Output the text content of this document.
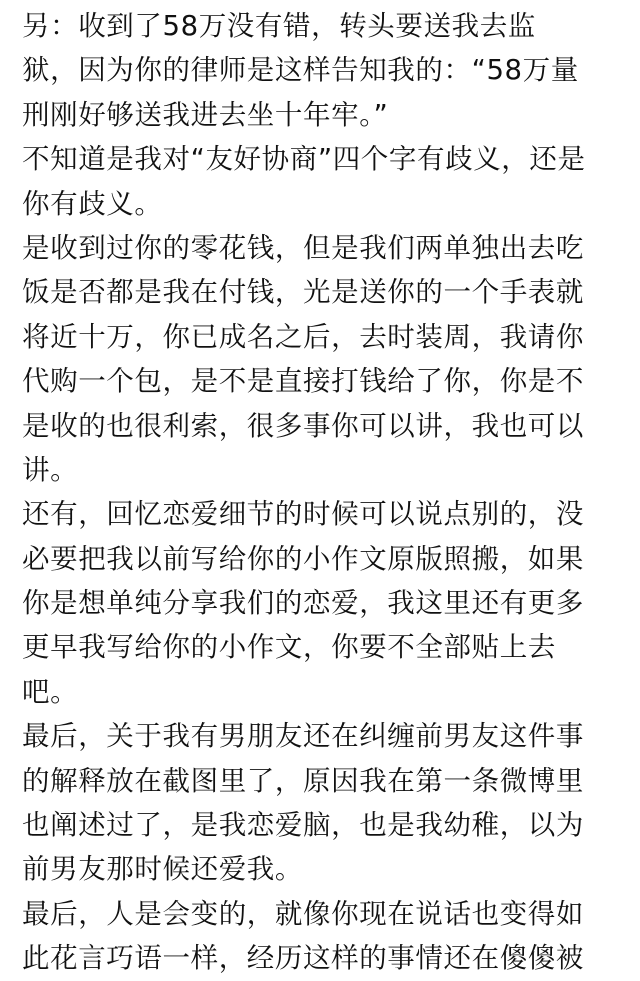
另：收到了58万没有错，转头要送我去监
狱，因为你的律师是这样告知我的：“58万量
刑刚好够送我进去坐十年牢。”
不知道是我对“友好协商”四个字有歧义，还是
你有歧义。
是收到过你的零花钱，但是我们两单独出去吃
饭是否都是我在付钱，光是送你的一个手表就
将近十万，你已成名之后，去时装周，我请你
代购一个包，是不是直接打钱给了你，你是不
是收的也很利索，很多事你可以讲，我也可以
讲。
还有，回忆恋爱细节的时候可以说点别的，没
必要把我以前写给你的小作文原版照搬，如果
你是想单纯分享我们的恋爱，我这里还有更多
更早我写给你的小作文，你要不全部贴上去
吧。
最后，关于我有男朋友还在纠缠前男友这件事
的解释放在截图里了，原因我在第一条微博里
也阐述过了，是我恋爱脑，也是我幼稚，以为
前男友那时候还爱我。
最后，人是会变的，就像你现在说话也变得如
此花言巧语一样，经历这样的事情还在傻傻被
